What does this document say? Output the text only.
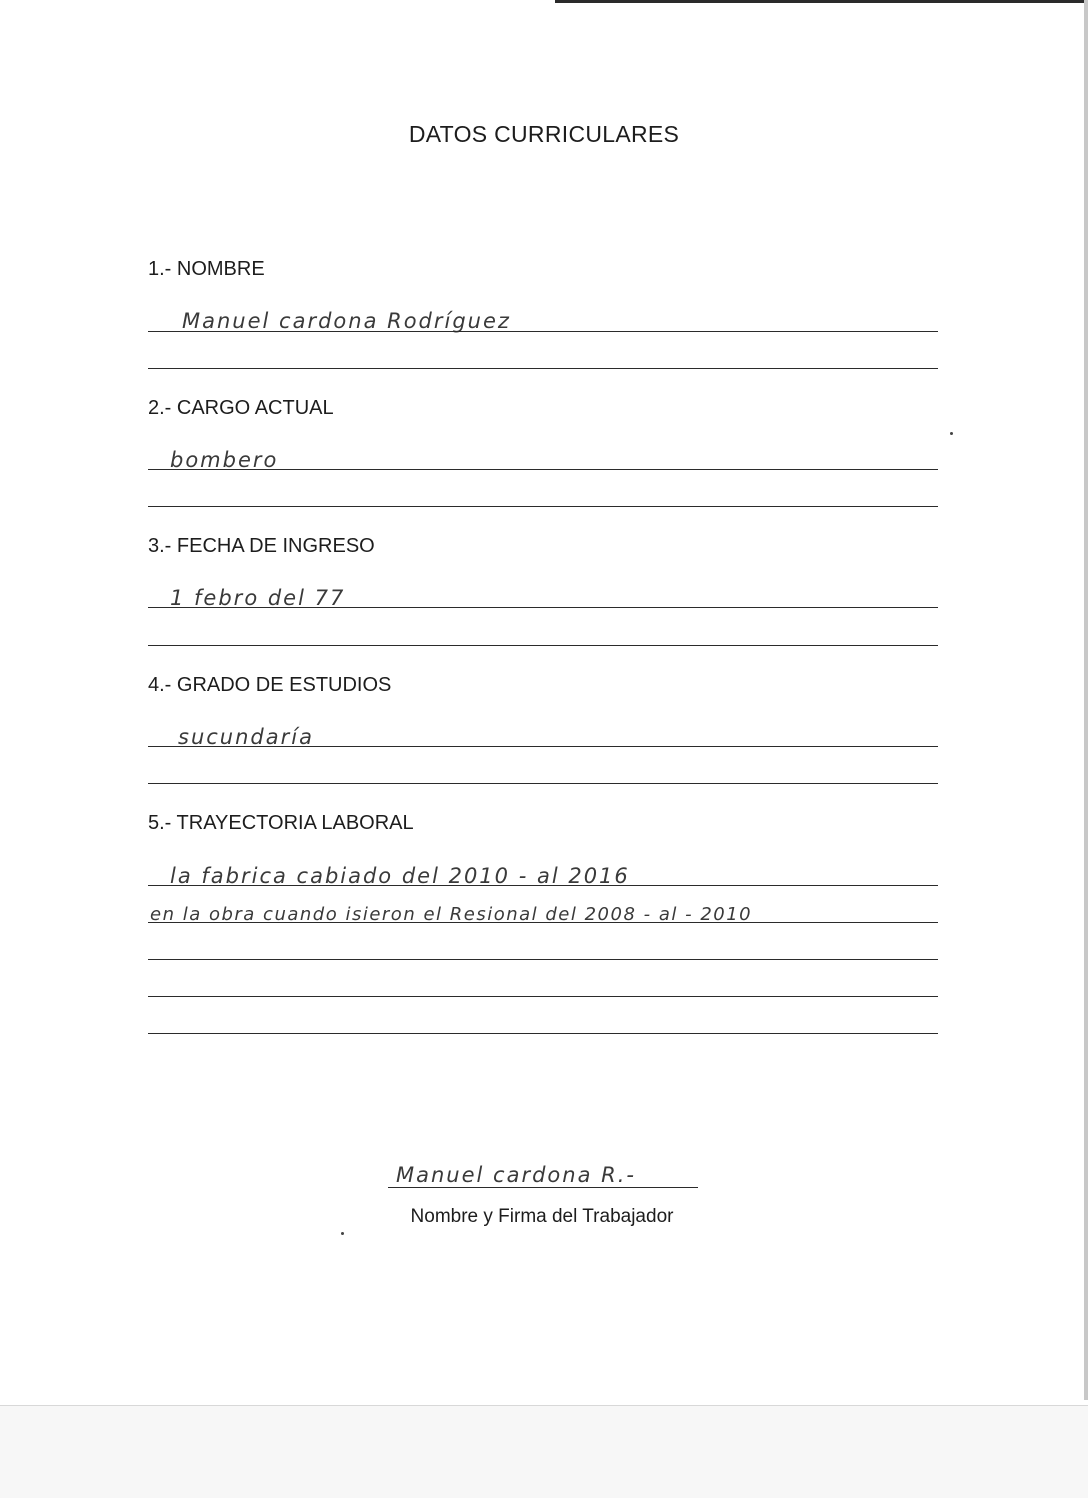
DATOS CURRICULARES
1.- NOMBRE
Manuel cardona Rodríguez
2.- CARGO ACTUAL
bombero
3.- FECHA DE INGRESO
1 febro del 77
4.- GRADO DE ESTUDIOS
sucundaría
5.- TRAYECTORIA LABORAL
la fabrica cabiado del 2010 - al 2016
en la obra cuando isieron el Resional del 2008 - al - 2010
Manuel cardona R.-
Nombre y Firma del Trabajador
